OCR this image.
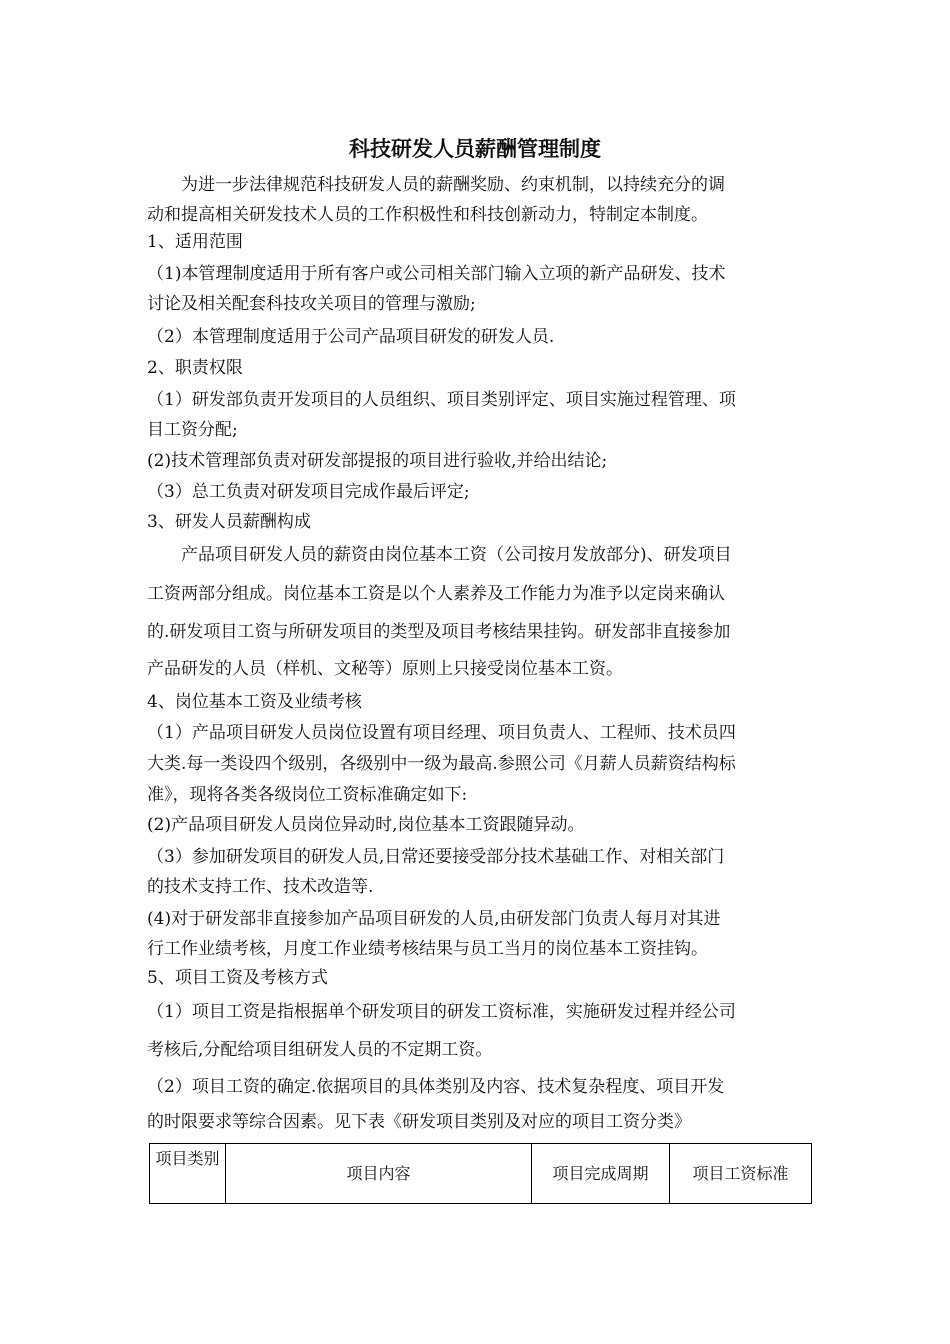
科技研发人员薪酬管理制度
为进一步法律规范科技研发人员的薪酬奖励、约束机制，以持续充分的调
动和提高相关研发技术人员的工作积极性和科技创新动力，特制定本制度。
1、适用范围
（1)本管理制度适用于所有客户或公司相关部门输入立项的新产品研发、技术
讨论及相关配套科技攻关项目的管理与激励;
（2）本管理制度适用于公司产品项目研发的研发人员.
2、职责权限
（1）研发部负责开发项目的人员组织、项目类别评定、项目实施过程管理、项
目工资分配;
(2)技术管理部负责对研发部提报的项目进行验收,并给出结论;
（3）总工负责对研发项目完成作最后评定;
3、研发人员薪酬构成
产品项目研发人员的薪资由岗位基本工资（公司按月发放部分)、研发项目
工资两部分组成。岗位基本工资是以个人素养及工作能力为准予以定岗来确认
的.研发项目工资与所研发项目的类型及项目考核结果挂钩。研发部非直接参加
产品研发的人员（样机、文秘等）原则上只接受岗位基本工资。
4、岗位基本工资及业绩考核
（1）产品项目研发人员岗位设置有项目经理、项目负责人、工程师、技术员四
大类.每一类设四个级别，各级别中一级为最高.参照公司《月薪人员薪资结构标
准》，现将各类各级岗位工资标准确定如下:
(2)产品项目研发人员岗位异动时,岗位基本工资跟随异动。
（3）参加研发项目的研发人员,日常还要接受部分技术基础工作、对相关部门
的技术支持工作、技术改造等.
(4)对于研发部非直接参加产品项目研发的人员,由研发部门负责人每月对其进
行工作业绩考核，月度工作业绩考核结果与员工当月的岗位基本工资挂钩。
5、项目工资及考核方式
（1）项目工资是指根据单个研发项目的研发工资标准，实施研发过程并经公司
考核后,分配给项目组研发人员的不定期工资。
（2）项目工资的确定.依据项目的具体类别及内容、技术复杂程度、项目开发
的时限要求等综合因素。见下表《研发项目类别及对应的项目工资分类》
项目类别	项目内容	项目完成周期	项目工资标准
